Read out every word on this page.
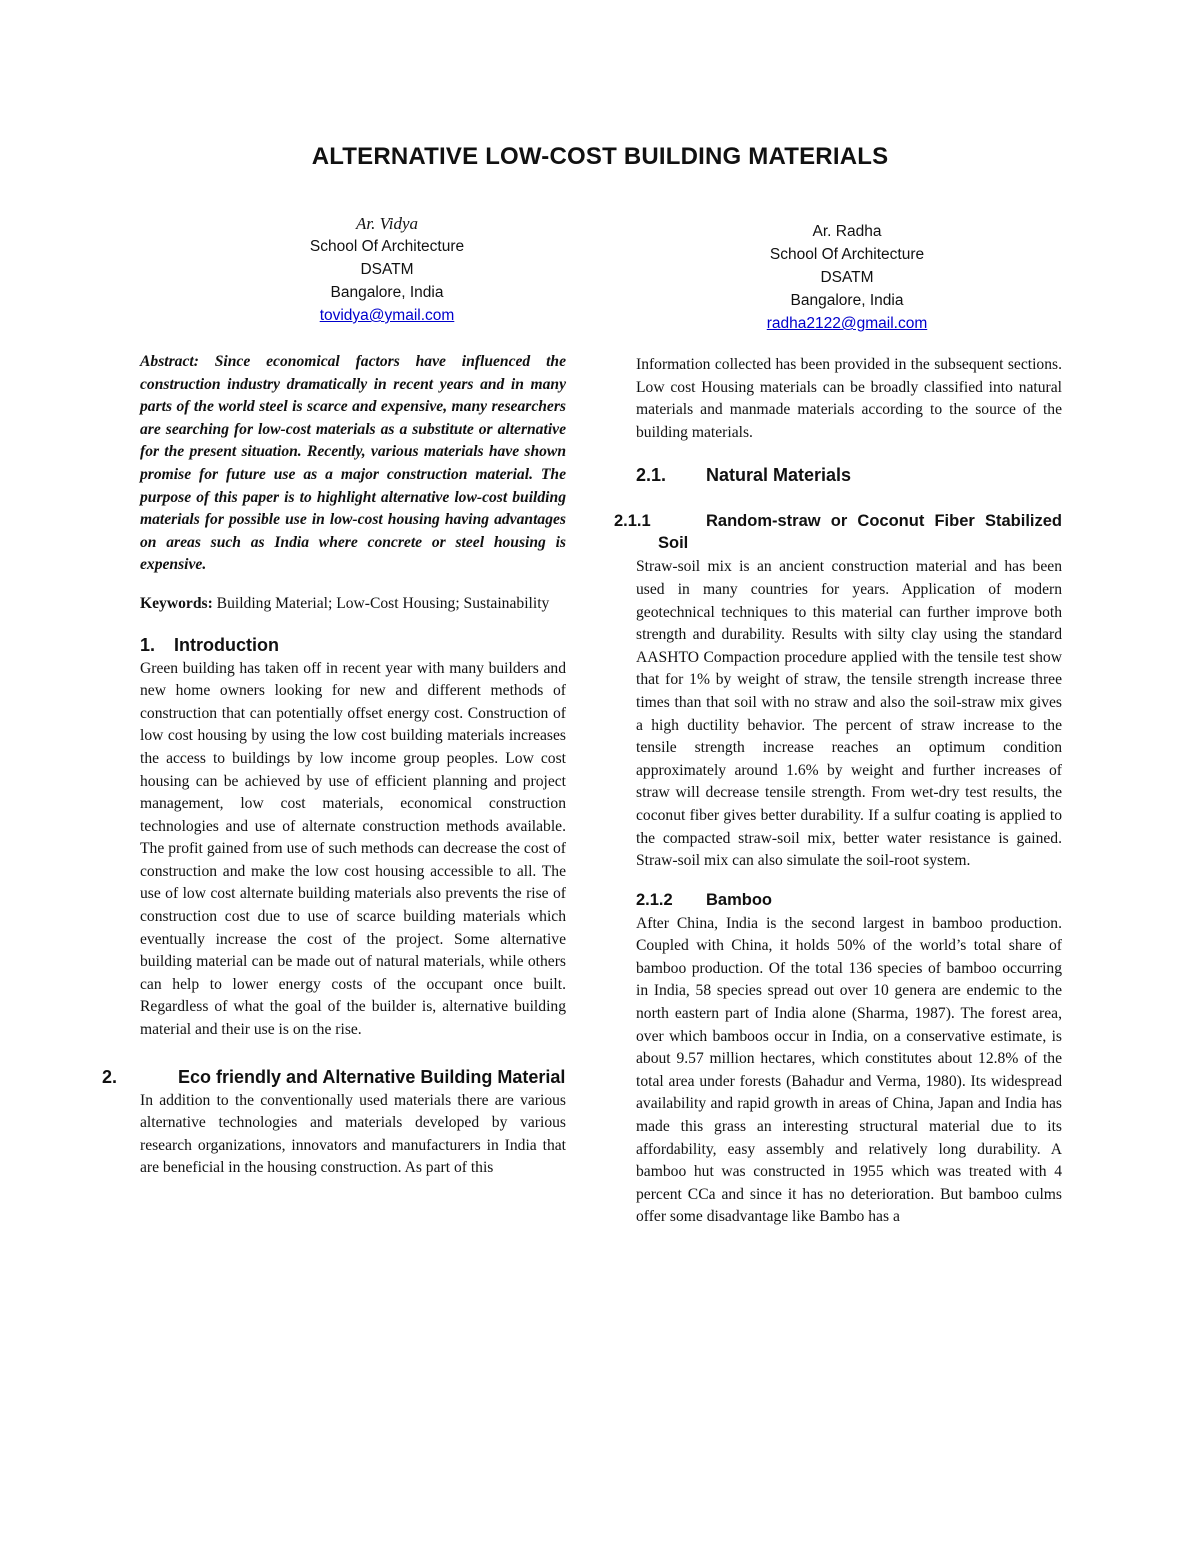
ALTERNATIVE LOW-COST BUILDING MATERIALS
Ar. Vidya
School Of Architecture
DSATM
Bangalore, India
tovidya@ymail.com
Ar. Radha
School Of Architecture
DSATM
Bangalore, India
radha2122@gmail.com

Abstract: Since economical factors have influenced the construction industry dramatically in recent years and in many parts of the world steel is scarce and expensive, many researchers are searching for low-cost materials as a substitute or alternative for the present situation. Recently, various materials have shown promise for future use as a major construction material. The purpose of this paper is to highlight alternative low-cost building materials for possible use in low-cost housing having advantages on areas such as India where concrete or steel housing is expensive.

Keywords: Building Material; Low-Cost Housing; Sustainability

1. Introduction

Green building has taken off in recent year with many builders and new home owners looking for new and different methods of construction that can potentially offset energy cost. Construction of low cost housing by using the low cost building materials increases the access to buildings by low income group peoples. Low cost housing can be achieved by use of efficient planning and project management, low cost materials, economical construction technologies and use of alternate construction methods available. The profit gained from use of such methods can decrease the cost of construction and make the low cost housing accessible to all. The use of low cost alternate building materials also prevents the rise of construction cost due to use of scarce building materials which eventually increase the cost of the project. Some alternative building material can be made out of natural materials, while others can help to lower energy costs of the occupant once built. Regardless of what the goal of the builder is, alternative building material and their use is on the rise.

2.	Eco friendly and Alternative Building Material

In addition to the conventionally used materials there are various alternative technologies and materials developed by various research organizations, innovators and manufacturers in India that are beneficial in the housing construction. As part of this

Information collected has been provided in the subsequent sections. Low cost Housing materials can be broadly classified into natural materials and manmade materials according to the source of the building materials.

2.1. Natural Materials
2.1.1	Random-straw or Coconut Fiber Stabilized Soil

Straw-soil mix is an ancient construction material and has been used in many countries for years. Application of modern geotechnical techniques to this material can further improve both strength and durability. Results with silty clay using the standard AASHTO Compaction procedure applied with the tensile test show that for 1% by weight of straw, the tensile strength increase three times than that soil with no straw and also the soil-straw mix gives a high ductility behavior. The percent of straw increase to the tensile strength increase reaches an optimum condition approximately around 1.6% by weight and further increases of straw will decrease tensile strength. From wet-dry test results, the coconut fiber gives better durability. If a sulfur coating is applied to the compacted straw-soil mix, better water resistance is gained. Straw-soil mix can also simulate the soil-root system.

2.1.2 Bamboo

After China, India is the second largest in bamboo production. Coupled with China, it holds 50% of the world’s total share of bamboo production. Of the total 136 species of bamboo occurring in India, 58 species spread out over 10 genera are endemic to the north eastern part of India alone (Sharma, 1987). The forest area, over which bamboos occur in India, on a conservative estimate, is about 9.57 million hectares, which constitutes about 12.8% of the total area under forests (Bahadur and Verma, 1980). Its widespread availability and rapid growth in areas of China, Japan and India has made this grass an interesting structural material due to its affordability, easy assembly and relatively long durability. A bamboo hut was constructed in 1955 which was treated with 4 percent CCa and since it has no deterioration. But bamboo culms offer some disadvantage like Bambo has a
